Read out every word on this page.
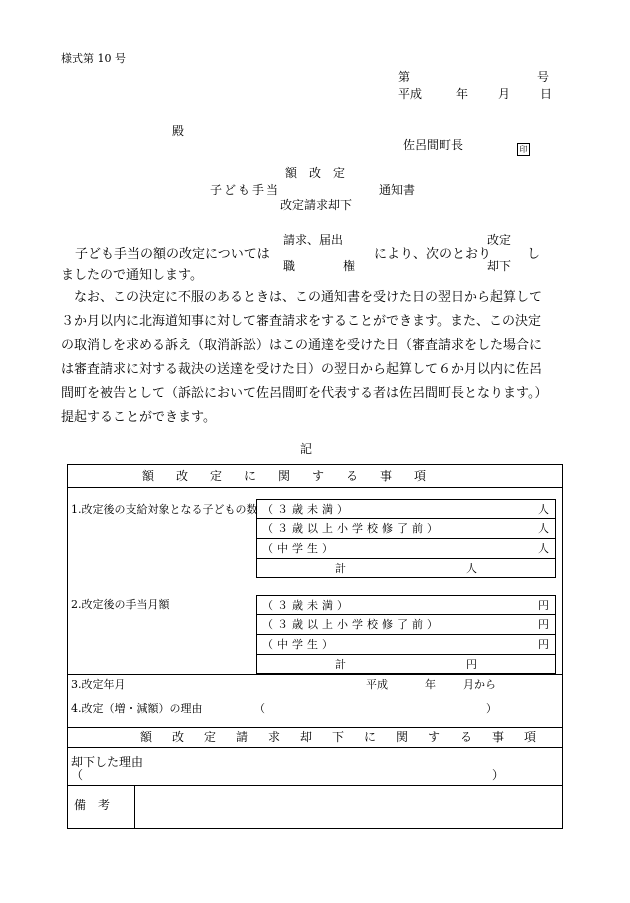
様式第 10 号
第	号
平成	年 月 日
殿
佐呂間町長	印
額　改　定
子ども手当	通知書
改定請求却下
請求、届出	改定
子ども手当の額の改定については	により、次のとおり	し
職　　　　権	却下
ましたので通知します。
なお、この決定に不服のあるときは、この通知書を受けた日の翌日から起算して３か月以内に北海道知事に対して審査請求をすることができます。また、この決定の取消しを求める訴え（取消訴訟）はこの通達を受けた日（審査請求をした場合には審査請求に対する裁決の送達を受けた日）の翌日から起算して６か月以内に佐呂間町を被告として（訴訟において佐呂間町を代表する者は佐呂間町長となります。）提起することができます。
記
額改定に関する事項
1.改定後の支給対象となる子どもの数 （３歳未満）	人
（３歳以上小学校修了前）	人
（中学生）	人
計	人
2.改定後の手当月額	（３歳未満）	円
（３歳以上小学校修了前）	円
（中学生）	円
計	円
3.改定年月	平成	年 月から
4.改定（増・減額）の理由	（	）
額改定請求却下に関する事項
却下した理由
（	）
備　考
